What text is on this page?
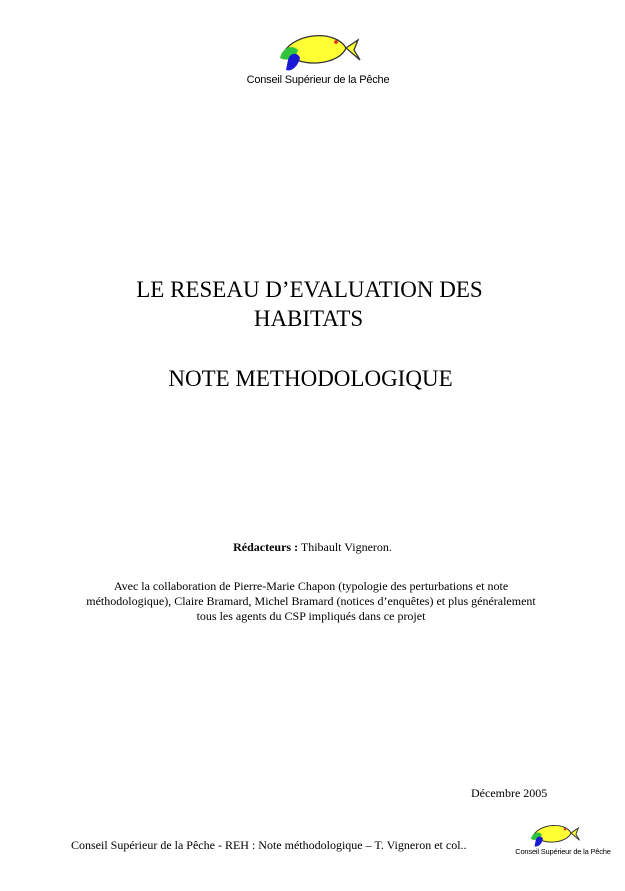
Conseil Supérieur de la Pêche
LE RESEAU D’EVALUATION DES
HABITATS
NOTE METHODOLOGIQUE
Rédacteurs : Thibault Vigneron.
Avec la collaboration de Pierre-Marie Chapon (typologie des perturbations et note
méthodologique), Claire Bramard, Michel Bramard (notices d’enquêtes) et plus généralement
tous les agents du CSP impliqués dans ce projet
Décembre 2005
Conseil Supérieur de la Pêche - REH : Note méthodologique – T. Vigneron et col..	Conseil Supérieur de la Pêche
